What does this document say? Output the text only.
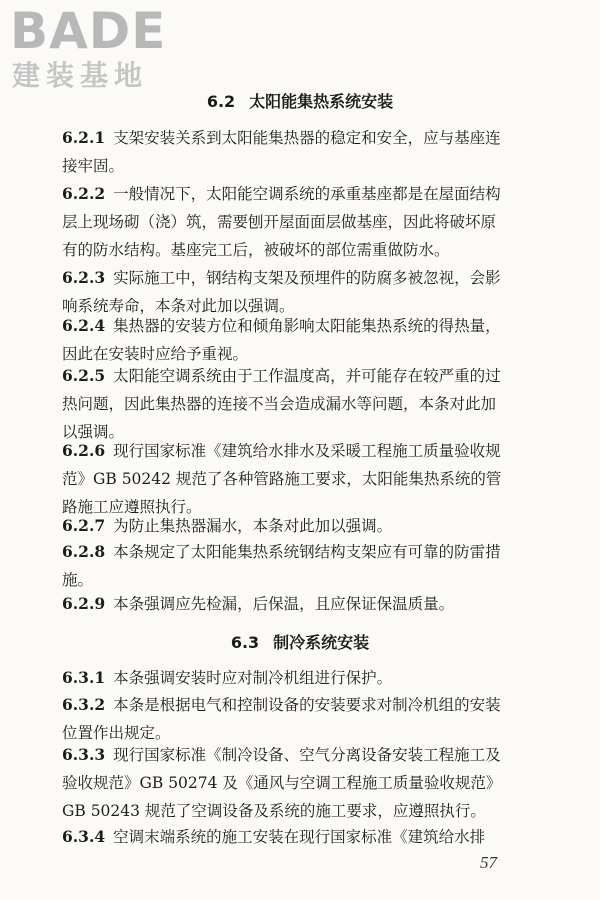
BADE
建装基地
6.2 太阳能集热系统安装
6.2.1 支架安装关系到太阳能集热器的稳定和安全，应与基座连接牢固。
6.2.2 一般情况下，太阳能空调系统的承重基座都是在屋面结构层上现场砌（浇）筑，需要刨开屋面面层做基座，因此将破坏原有的防水结构。基座完工后，被破坏的部位需重做防水。
6.2.3 实际施工中，钢结构支架及预埋件的防腐多被忽视，会影响系统寿命，本条对此加以强调。
6.2.4 集热器的安装方位和倾角影响太阳能集热系统的得热量，因此在安装时应给予重视。
6.2.5 太阳能空调系统由于工作温度高，并可能存在较严重的过热问题，因此集热器的连接不当会造成漏水等问题，本条对此加以强调。
6.2.6 现行国家标准《建筑给水排水及采暖工程施工质量验收规范》GB 50242 规范了各种管路施工要求，太阳能集热系统的管路施工应遵照执行。
6.2.7 为防止集热器漏水，本条对此加以强调。
6.2.8 本条规定了太阳能集热系统钢结构支架应有可靠的防雷措施。
6.2.9 本条强调应先检漏，后保温，且应保证保温质量。
6.3 制冷系统安装
6.3.1 本条强调安装时应对制冷机组进行保护。
6.3.2 本条是根据电气和控制设备的安装要求对制冷机组的安装位置作出规定。
6.3.3 现行国家标准《制冷设备、空气分离设备安装工程施工及验收规范》GB 50274 及《通风与空调工程施工质量验收规范》GB 50243 规范了空调设备及系统的施工要求，应遵照执行。
6.3.4 空调末端系统的施工安装在现行国家标准《建筑给水排
57
